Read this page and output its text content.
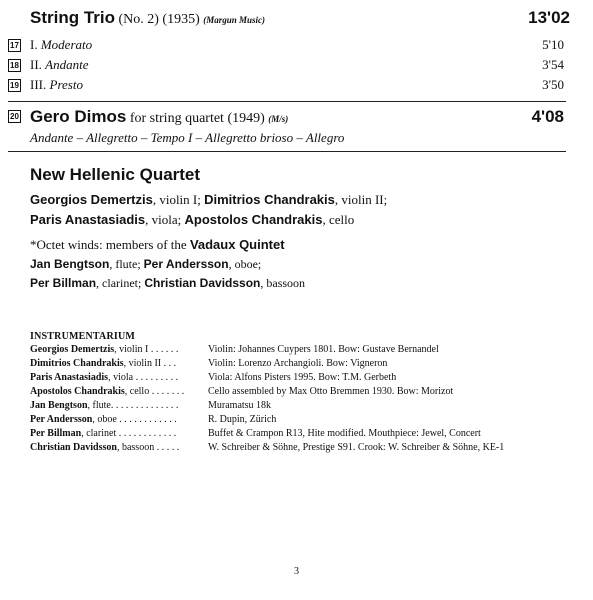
String Trio (No. 2) (1935) (Margun Music)	13'02
17 I. Moderato	5'10
18 II. Andante	3'54
19 III. Presto	3'50
20 Gero Dimos for string quartet (1949) (M/s)	4'08
Andante – Allegretto – Tempo I – Allegretto brioso – Allegro
New Hellenic Quartet
Georgios Demertzis, violin I; Dimitrios Chandrakis, violin II;
Paris Anastasiadis, viola; Apostolos Chandrakis, cello
*Octet winds: members of the Vadaux Quintet
Jan Bengtson, flute; Per Andersson, oboe;
Per Billman, clarinet; Christian Davidsson, bassoon
INSTRUMENTARIUM
Georgios Demertzis, violin I . . . . . .	Violin: Johannes Cuypers 1801. Bow: Gustave Bernandel
Dimitrios Chandrakis, violin II . . .	Violin: Lorenzo Archangioli. Bow: Vigneron
Paris Anastasiadis, viola . . . . . . . . .	Viola: Alfons Pisters 1995. Bow: T.M. Gerbeth
Apostolos Chandrakis, cello . . . . . . .	Cello assembled by Max Otto Bremmen 1930. Bow: Morizot
Jan Bengtson, flute. . . . . . . . . . . . . .	Muramatsu 18k
Per Andersson, oboe . . . . . . . . . . . .	R. Dupin, Zürich
Per Billman, clarinet . . . . . . . . . . . .	Buffet & Crampon R13, Hite modified. Mouthpiece: Jewel, Concert
Christian Davidsson, bassoon . . . . .	W. Schreiber & Söhne, Prestige S91. Crook: W. Schreiber & Söhne, KE-1
3
